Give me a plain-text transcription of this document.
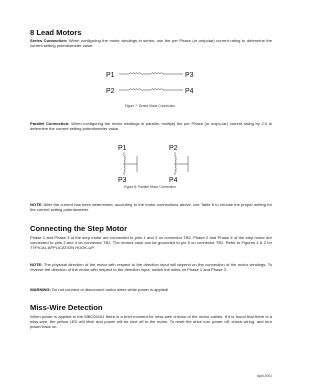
8 Lead Motors

Series Connection: When configuring the motor windings in series, use the per Phase (or unipolar) current rating to determine the current setting potentiometer value.

P1	P3
P2	P4
Figure 7: Series Motor Connection

Parallel Connection: When configuring the motor windings in parallel, multiply the per Phase (or unipo-lar) current rating by 2.0 to determine the current setting potentiometer value.

P1	P2
P3	P4
Figure 8: Parallel Motor Connection

NOTE: After the current has been determined, according to the motor connections above, use Table 8 to choose the proper setting for the current setting potentiometer.

Connecting the Step Motor

Phase 1 and Phase 3 of the step motor are connected to pins 1 and 2 on connector TB2. Phase 2 and Phase 4 of the step motor are connected to pins 3 and 4 on connector TB2. The motors case can be grounded to pin 5 on connector TB2. Refer to Figures 1 & 2 for TYPICAL APPLICATION HOOK-UP.

NOTE: The physical direction of the motor with respect to the direction input will depend on the connection of the motor windings. To reverse the direction of the motor with respect to the direction input, switch the wires on Phase 1 and Phase 3.

WARNING: Do not connect or disconnect motor wires while power is applied!

Miss-Wire Detection

When power is applied to the MBC04161 there is a brief moment for miss-wire checks of the motor cables. If it is found that there is a miss-wire, the yellow LED will blink and power will be shut off to the motor. To reset the drive turn power off, check wiring, and turn power back on.

April 2001
